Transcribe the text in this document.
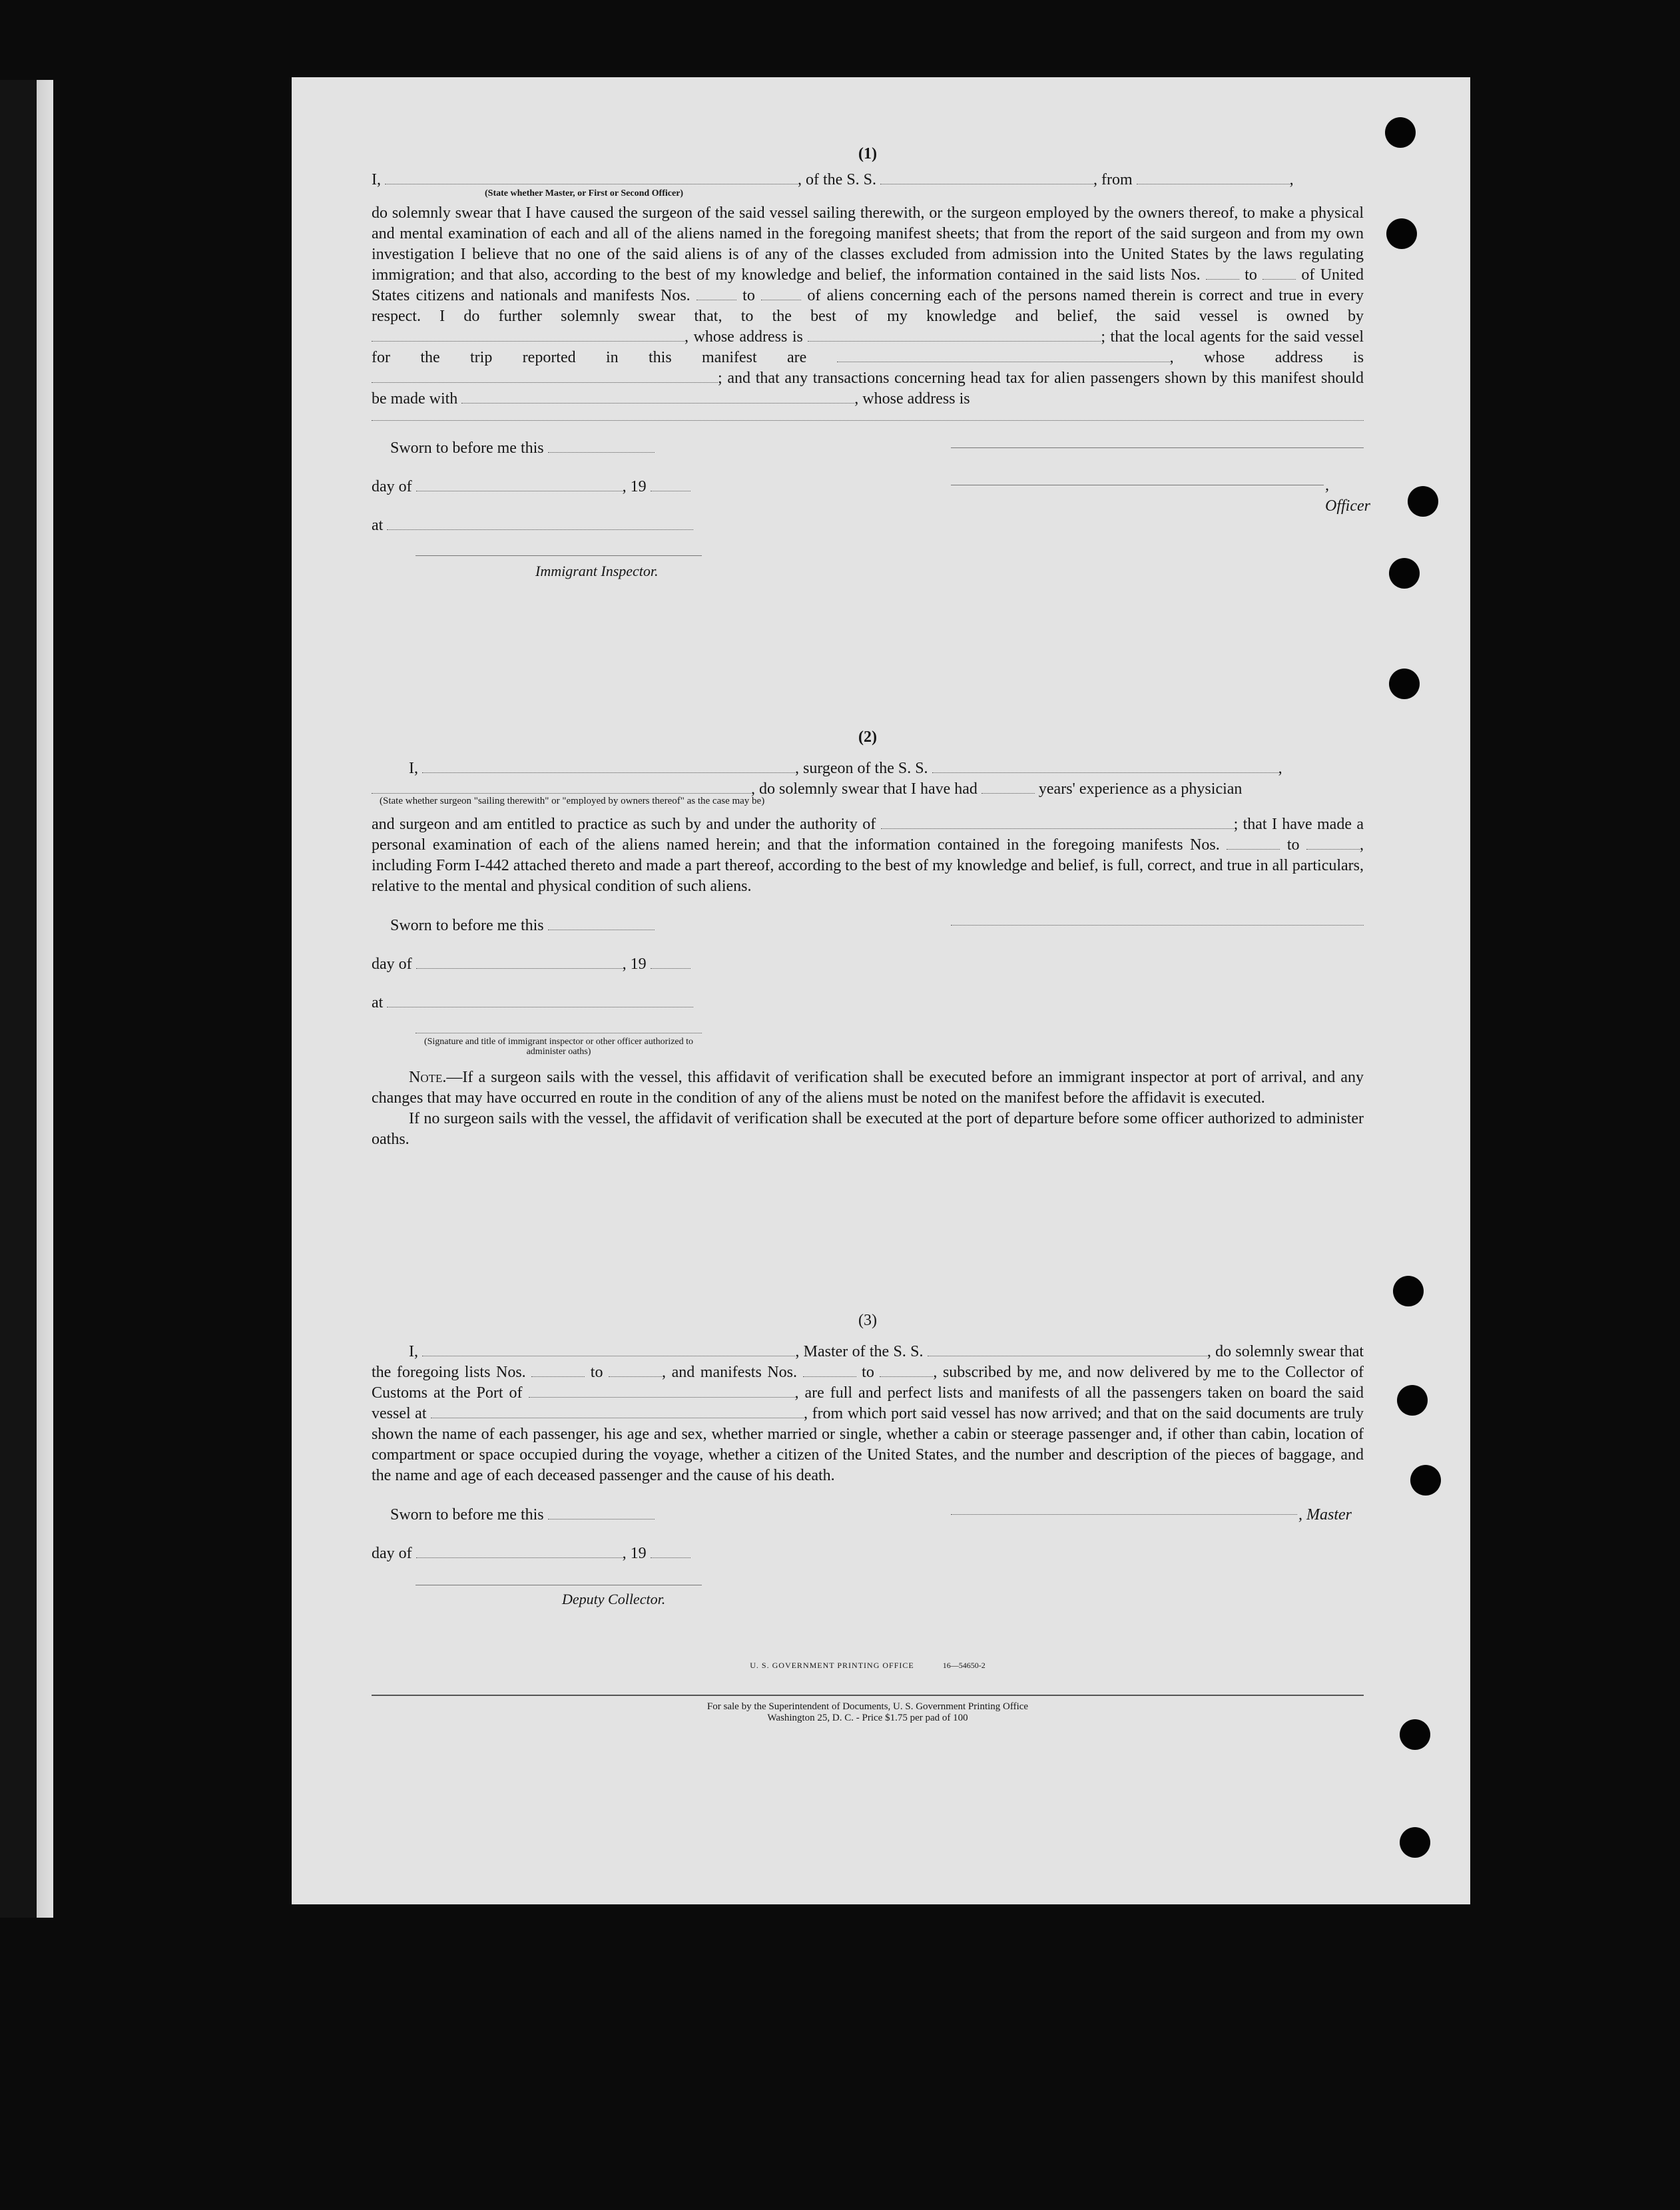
(1)
I,	, of the S. S.	, from	,
(State whether Master, or First or Second Officer)

do solemnly swear that I have caused the surgeon of the said vessel sailing therewith, or the surgeon employed by the owners thereof, to make a physical and mental examination of each and all of the aliens named in the foregoing manifest sheets; that from the report of the said surgeon and from my own investigation I believe that no one of the said aliens is of any of the classes excluded from admission into the United States by the laws regulating immigration; and that also, according to the best of my knowledge and belief, the information contained in the said lists Nos.	to	of United States citizens and nationals and manifests Nos.	to	of aliens concerning each of the persons named therein is correct and true in every respect. I do further solemnly swear that, to the best of my knowledge and belief, the said vessel is owned by , whose address is	; that the local agents for the said vessel for the trip reported in this manifest are	, whose address is ; and that any transactions concerning head tax for alien passengers shown by this manifest should be made with	, whose address is

Sworn to before me this
day of	, 19	, Officer
at
Immigrant Inspector.
(2)
I,	, surgeon of the S. S.	,
, do solemnly swear that I have had	years' experience as a physician
(State whether surgeon "sailing therewith" or "employed by owners thereof" as the case may be)

and surgeon and am entitled to practice as such by and under the authority of	; that I have made a personal examination of each of the aliens named herein; and that the information contained in the foregoing manifests Nos.	to	, including Form I-442 attached thereto and made a part thereof, according to the best of my knowledge and belief, is full, correct, and true in all particulars, relative to the mental and physical condition of such aliens.

Sworn to before me this
day of	, 19
at
(Signature and title of immigrant inspector or other officer authorized to administer oaths)

Note.—If a surgeon sails with the vessel, this affidavit of verification shall be executed before an immigrant inspector at port of arrival, and any changes that may have occurred en route in the condition of any of the aliens must be noted on the manifest before the affidavit is executed.

If no surgeon sails with the vessel, the affidavit of verification shall be executed at the port of departure before some officer authorized to administer oaths.

(3)

I,	, Master of the S. S.	, do solemnly swear that the foregoing lists Nos.	to	, and manifests Nos.	to	, subscribed by me, and now delivered by me to the Collector of Customs at the Port of	, are full and perfect lists and manifests of all the passengers taken on board the said vessel at	, from which port said vessel has now arrived; and that on the said documents are truly shown the name of each passenger, his age and sex, whether married or single, whether a cabin or steerage passenger and, if other than cabin, location of compartment or space occupied during the voyage, whether a citizen of the United States, and the number and description of the pieces of baggage, and the name and age of each deceased passenger and the cause of his death.

Sworn to before me this	, Master
day of	, 19
Deputy Collector.
U. S. GOVERNMENT PRINTING OFFICE	16—54650-2
For sale by the Superintendent of Documents, U. S. Government Printing Office
Washington 25, D. C. - Price $1.75 per pad of 100
